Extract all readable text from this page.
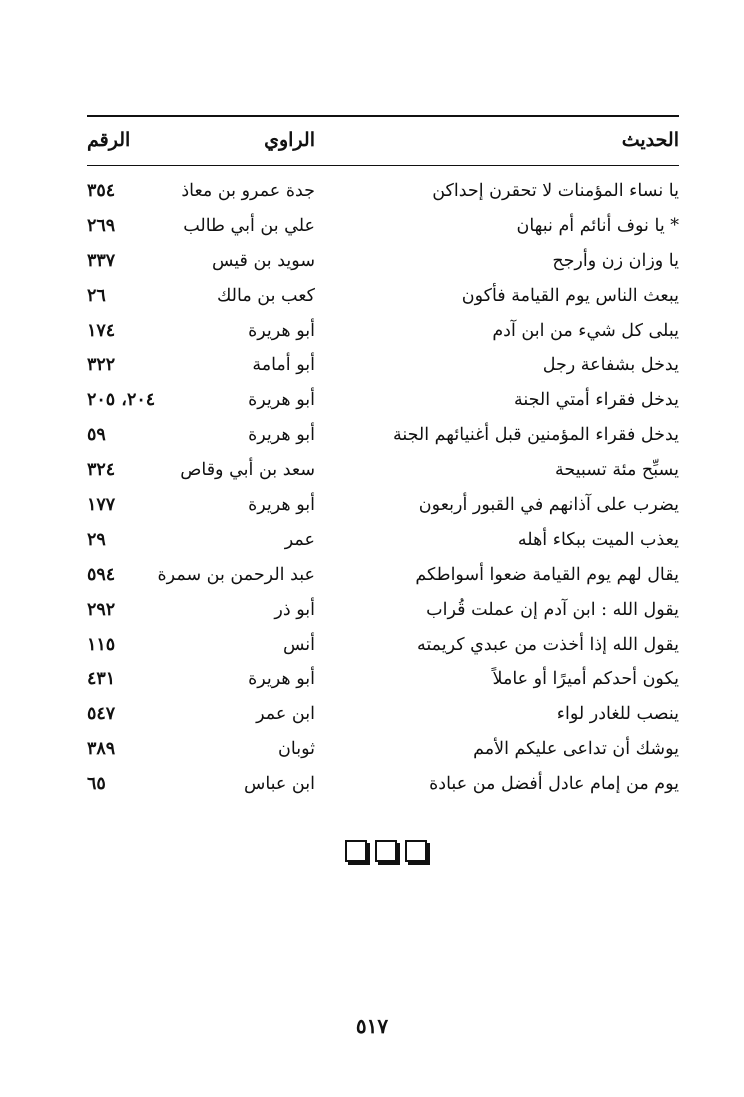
الحديث
الراوي
الرقم
يا نساء المؤمنات لا تحقرن إحداكن
جدة عمرو بن معاذ
٣٥٤
* يا نوف أنائم أم نبهان
علي بن أبي طالب
٢٦٩
يا وزان زن وأرجح
سويد بن قيس
٣٣٧
يبعث الناس يوم القيامة فأكون
كعب بن مالك
٢٦
يبلى كل شيء من ابن آدم
أبو هريرة
١٧٤
يدخل بشفاعة رجل
أبو أمامة
٣٢٢
يدخل فقراء أمتي الجنة
أبو هريرة
٢٠٤، ٢٠٥
يدخل فقراء المؤمنين قبل أغنيائهم الجنة
أبو هريرة
٥٩
يسبِّح مئة تسبيحة
سعد بن أبي وقاص
٣٢٤
يضرب على آذانهم في القبور أربعون
أبو هريرة
١٧٧
يعذب الميت ببكاء أهله
عمر
٢٩
يقال لهم يوم القيامة ضعوا أسواطكم
عبد الرحمن بن سمرة
٥٩٤
يقول الله : ابن آدم إن عملت قُراب
أبو ذر
٢٩٢
يقول الله إذا أخذت من عبدي كريمته
أنس
١١٥
يكون أحدكم أميرًا أو عاملاً
أبو هريرة
٤٣١
ينصب للغادر لواء
ابن عمر
٥٤٧
يوشك أن تداعى عليكم الأمم
ثوبان
٣٨٩
يوم من إمام عادل أفضل من عبادة
ابن عباس
٦٥
٥١٧
